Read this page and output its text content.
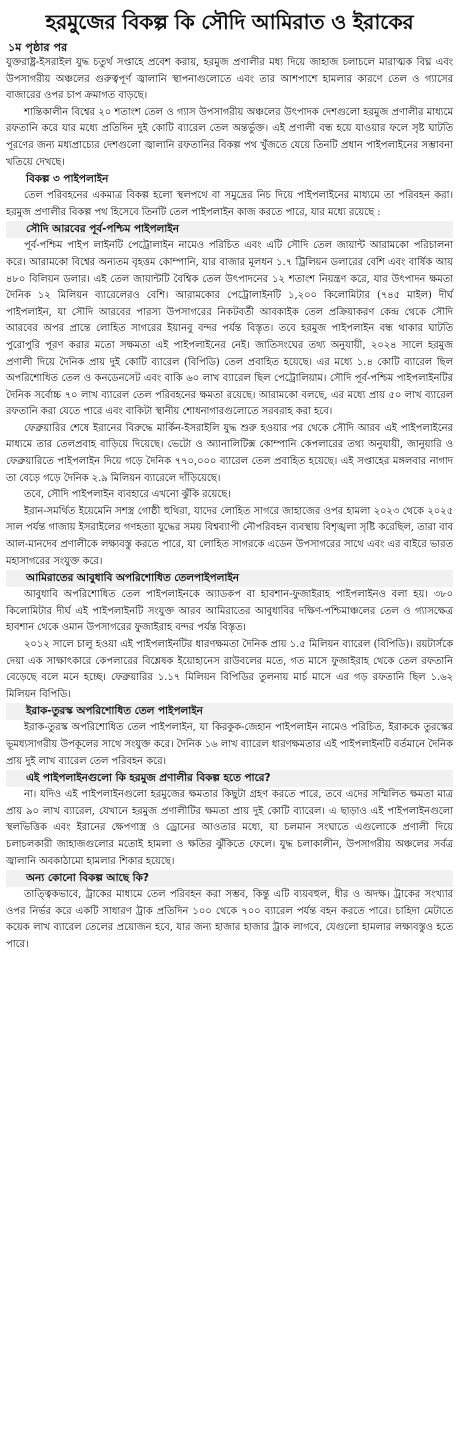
হরমুজের বিকল্প কি সৌদি আমিরাত ও ইরাকের
১ম পৃষ্ঠার পর

যুক্তরাষ্ট্র-ইসরাইল যুদ্ধ চতুর্থ সপ্তাহে প্রবেশ করায়, হরমুজ প্রণালীর মধ্য দিয়ে জাহাজ চলাচলে মারাত্মক বিঘ্ন এবং উপসাগরীয় অঞ্চলের গুরুত্বপূর্ণ জ্বালানি স্থাপনাগুলোতে এবং তার আশপাশে হামলার কারণে তেল ও গ্যাসের বাজারের ওপর চাপ ক্রমাগত বাড়ছে।

শান্তিকালীন বিশ্বের ২০ শতাংশ তেল ও গ্যাস উপসাগরীয় অঞ্চলের উৎপাদক দেশগুলো হরমুজ প্রণালীর মাধ্যমে রফতানি করে যার মধ্যে প্রতিদিন দুই কোটি ব্যারেল তেল অন্তর্ভুক্ত। এই প্রণালী বন্ধ হয়ে যাওয়ার ফলে সৃষ্ট ঘাটতি পূরণের জন্য মধ্যপ্রাচ্যের দেশগুলো জ্বালানি রফতানির বিকল্প পথ খুঁজতে যেয়ে তিনটি প্রধান পাইপলাইনের সম্ভাবনা খতিয়ে দেখছে।

বিকল্প ৩ পাইপলাইন

তেল পরিবহনের একমাত্র বিকল্প হলো স্থলপথে বা সমুদ্রের নিচ দিয়ে পাইপলাইনের মাধ্যমে তা পরিবহন করা। হরমুজ প্রণালীর বিকল্প পথ হিসেবে তিনটি তেল পাইপলাইন কাজ করতে পারে, যার মধ্যে রয়েছে :

সৌদি আরবের পূর্ব-পশ্চিম পাইপলাইন

পূর্ব-পশ্চিম পাইপ লাইনটি পেট্রোলাইন নামেও পরিচিত এবং এটি সৌদি তেল জায়ান্ট আরামকো পরিচালনা করে। আরামকো বিশ্বের অন্যতম বৃহত্তম কোম্পানি, যার বাজার মূলধন ১.৭ ট্রিলিয়ন ডলারের বেশি এবং বার্ষিক আয় ৪৮০ বিলিয়ন ডলার। এই তেল জায়ান্টটি বৈশ্বিক তেল উৎপাদনের ১২ শতাংশ নিয়ন্ত্রণ করে, যার উৎপাদন ক্ষমতা দৈনিক ১২ মিলিয়ন ব্যারেলেরও বেশি। আরামকোর পেট্রোলাইনটি ১,২০০ কিলোমিটার (৭৪৫ মাইল) দীর্ঘ পাইপলাইন, যা সৌদি আরবের পারস্য উপসাগরের নিকটবর্তী আবকাইক তেল প্রক্রিয়াকরণ কেন্দ্র থেকে সৌদি আরবের অপর প্রান্তে লোহিত সাগরের ইয়ানবু বন্দর পর্যন্ত বিস্তৃত। তবে হরমুজ পাইপলাইন বন্ধ থাকার ঘাটতি পুরোপুরি পূরণ করার মতো সক্ষমতা এই পাইপলাইনের নেই। জাতিসংঘের তথ্য অনুযায়ী, ২০২৪ সালে হরমুজ প্রণালী দিয়ে দৈনিক প্রায় দুই কোটি ব্যারেল (বিপিডি) তেল প্রবাহিত হয়েছে। এর মধ্যে ১.৪ কোটি ব্যারেল ছিল অপরিশোধিত তেল ও কনডেনসেট এবং বাকি ৬০ লাখ ব্যারেল ছিল পেট্রোলিয়াম। সৌদি পূর্ব-পশ্চিম পাইপলাইনটির দৈনিক সর্বোচ্চ ৭০ লাখ ব্যারেল তেল পরিবহনের ক্ষমতা রয়েছে। আরামকো বলছে, এর মধ্যে প্রায় ৫০ লাখ ব্যারেল রফতানি করা যেতে পারে এবং বাকিটা স্থানীয় শোধনাগারগুলোতে সরবরাহ করা হবে।

ফেব্রুয়ারির শেষে ইরানের বিরুদ্ধে মার্কিন-ইসরাইলি যুদ্ধ শুরু হওয়ার পর থেকে সৌদি আরব এই পাইপলাইনের মাধ্যমে তার তেলপ্রবাহ বাড়িয়ে দিয়েছে। ভেটো ও অ্যানালিটিক্স কোম্পানি কেপলারের তথ্য অনুযায়ী, জানুয়ারি ও ফেব্রুয়ারিতে পাইপলাইন দিয়ে গড়ে দৈনিক ৭৭০,০০০ ব্যারেল তেল প্রবাহিত হয়েছে। এই সপ্তাহের মঙ্গলবার নাগাদ তা বেড়ে গড়ে দৈনিক ২.৯ মিলিয়ন ব্যারেলে দাঁড়িয়েছে।

তবে, সৌদি পাইপলাইন ব্যবহারে এখনো ঝুঁকি রয়েছে।

ইরান-সমর্থিত ইয়েমেনি সশস্ত্র গোষ্ঠী হুথিরা, যাদের লোহিত সাগরে জাহাজের ওপর হামলা ২০২৩ থেকে ২০২৫ সাল পর্যন্ত গাজায় ইসরাইলের গণহত্যা যুদ্ধের সময় বিশ্বব্যাপী নৌপরিবহন ব্যবস্থায় বিশৃঙ্খলা সৃষ্টি করেছিল, তারা বাব আল-মানদেব প্রণালীকে লক্ষ্যবস্তু করতে পারে, যা লোহিত সাগরকে এডেন উপসাগরের সাথে এবং এর বাইরে ভারত মহাসাগরের সংযুক্ত করে।

আমিরাতের আবুধাবি অপরিশোধিত তেলপাইপলাইন

আবুধাবি অপরিশোধিত তেল পাইপলাইনকে অ্যাডকপ বা হাবশান-ফুজাইরাহ পাইপলাইনও বলা হয়। ৩৮০ কিলোমিটার দীর্ঘ এই পাইপলাইনটি সংযুক্ত আরব আমিরাতের আবুধাবির দক্ষিণ-পশ্চিমাঞ্চলের তেল ও গ্যাসক্ষেত্র হাবশান থেকে ওমান উপসাগরের ফুজাইরাহ বন্দর পর্যন্ত বিস্তৃত।

২০১২ সালে চালু হওয়া এই পাইপলাইনটির ধারণক্ষমতা দৈনিক প্রায় ১.৫ মিলিয়ন ব্যারেল (বিপিডি)। রয়টার্সকে দেয়া এক সাক্ষাৎকারে কেপলারের বিশ্লেষক ইয়োহানেস রাউবলের মতে, গত মাসে ফুজাইরাহ থেকে তেল রফতানি বেড়েছে বলে মনে হচ্ছে। ফেব্রুয়ারির ১.১৭ মিলিয়ন বিপিডির তুলনায় মার্চ মাসে এর গড় রফতানি ছিল ১.৬২ মিলিয়ন বিপিডি।

ইরাক-তুরস্ক অপরিশোধিত তেল পাইপলাইন

ইরাক-তুরস্ক অপরিশোধিত তেল পাইপলাইন, যা কিরকুক-জেহান পাইপলাইন নামেও পরিচিত, ইরাককে তুরস্কের ভূমধ্যসাগরীয় উপকূলের সাথে সংযুক্ত করে। দৈনিক ১৬ লাখ ব্যারেল ধারণক্ষমতার এই পাইপলাইনটি বর্তমানে দৈনিক প্রায় দুই লাখ ব্যারেল তেল পরিবহন করে।

এই পাইপলাইনগুলো কি হরমুজ প্রণালীর বিকল্প হতে পারে?

না। যদিও এই পাইপলাইনগুলো হরমুজের ক্ষমতার কিছুটা গ্রহণ করতে পারে, তবে এদের সম্মিলিত ক্ষমতা মাত্র প্রায় ৯০ লাখ ব্যারেল, যেখানে হরমুজ প্রণালীটির ক্ষমতা প্রায় দুই কোটি ব্যারেল। এ ছাড়াও এই পাইপলাইনগুলো স্থলভিত্তিক এবং ইরানের ক্ষেপণাস্ত্র ও ড্রোনের আওতার মধ্যে, যা চলমান সংঘাতে এগুলোকে প্রণালী দিয়ে চলাচলকারী জাহাজগুলোর মতোই হামলা ও ক্ষতির ঝুঁকিতে ফেলে। যুদ্ধ চলাকালীন, উপসাগরীয় অঞ্চলের সর্বত্র জ্বালানি অবকাঠামো হামলার শিকার হয়েছে।

অন্য কোনো বিকল্প আছে কি?

তাত্ত্বিকভাবে, ট্রাকের মাধ্যমে তেল পরিবহন করা সম্ভব, কিন্তু এটি ব্যয়বহুল, ধীর ও অদক্ষ। ট্রাকের সংখ্যার ওপর নির্ভর করে একটি সাধারণ ট্রাক প্রতিদিন ১০০ থেকে ৭০০ ব্যারেল পর্যন্ত বহন করতে পারে। চাহিদা মেটাতে কয়েক লাখ ব্যারেল তেলের প্রয়োজন হবে, যার জন্য হাজার হাজার ট্রাক লাগবে, যেগুলো হামলার লক্ষ্যবস্তুও হতে পারে।
